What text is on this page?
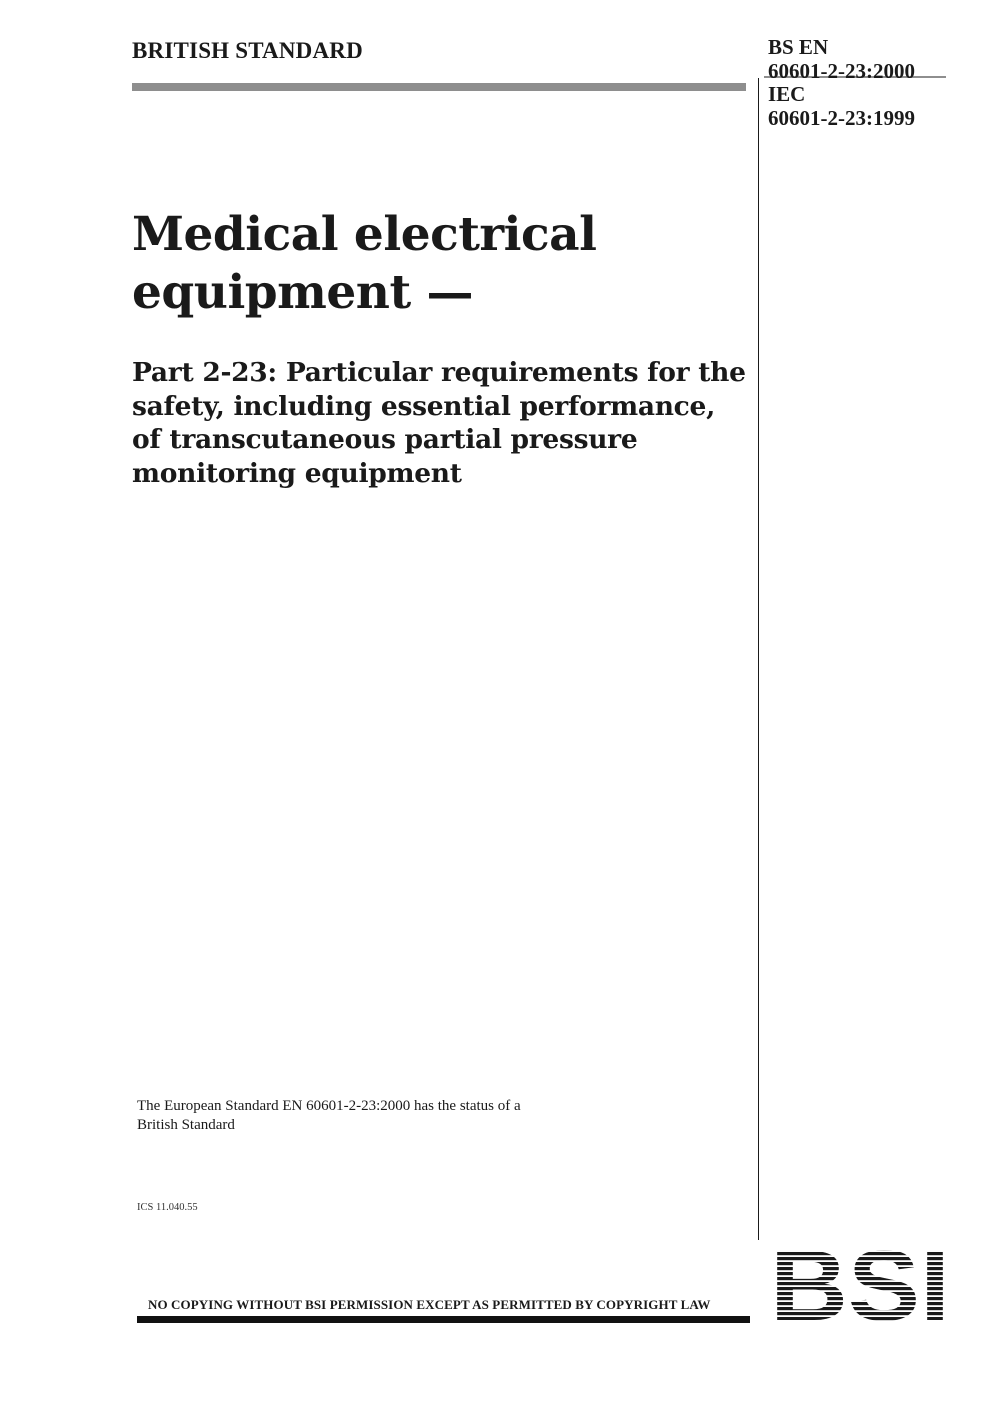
BRITISH STANDARD	BS EN
60601-2-23:2000
IEC
60601-2-23:1999
Medical electrical
equipment —
Part 2-23: Particular requirements for the
safety, including essential performance,
of transcutaneous partial pressure
monitoring equipment
The European Standard EN 60601-2-23:2000 has the status of a
British Standard
ICS 11.040.55
NO COPYING WITHOUT BSI PERMISSION EXCEPT AS PERMITTED BY COPYRIGHT LAW
